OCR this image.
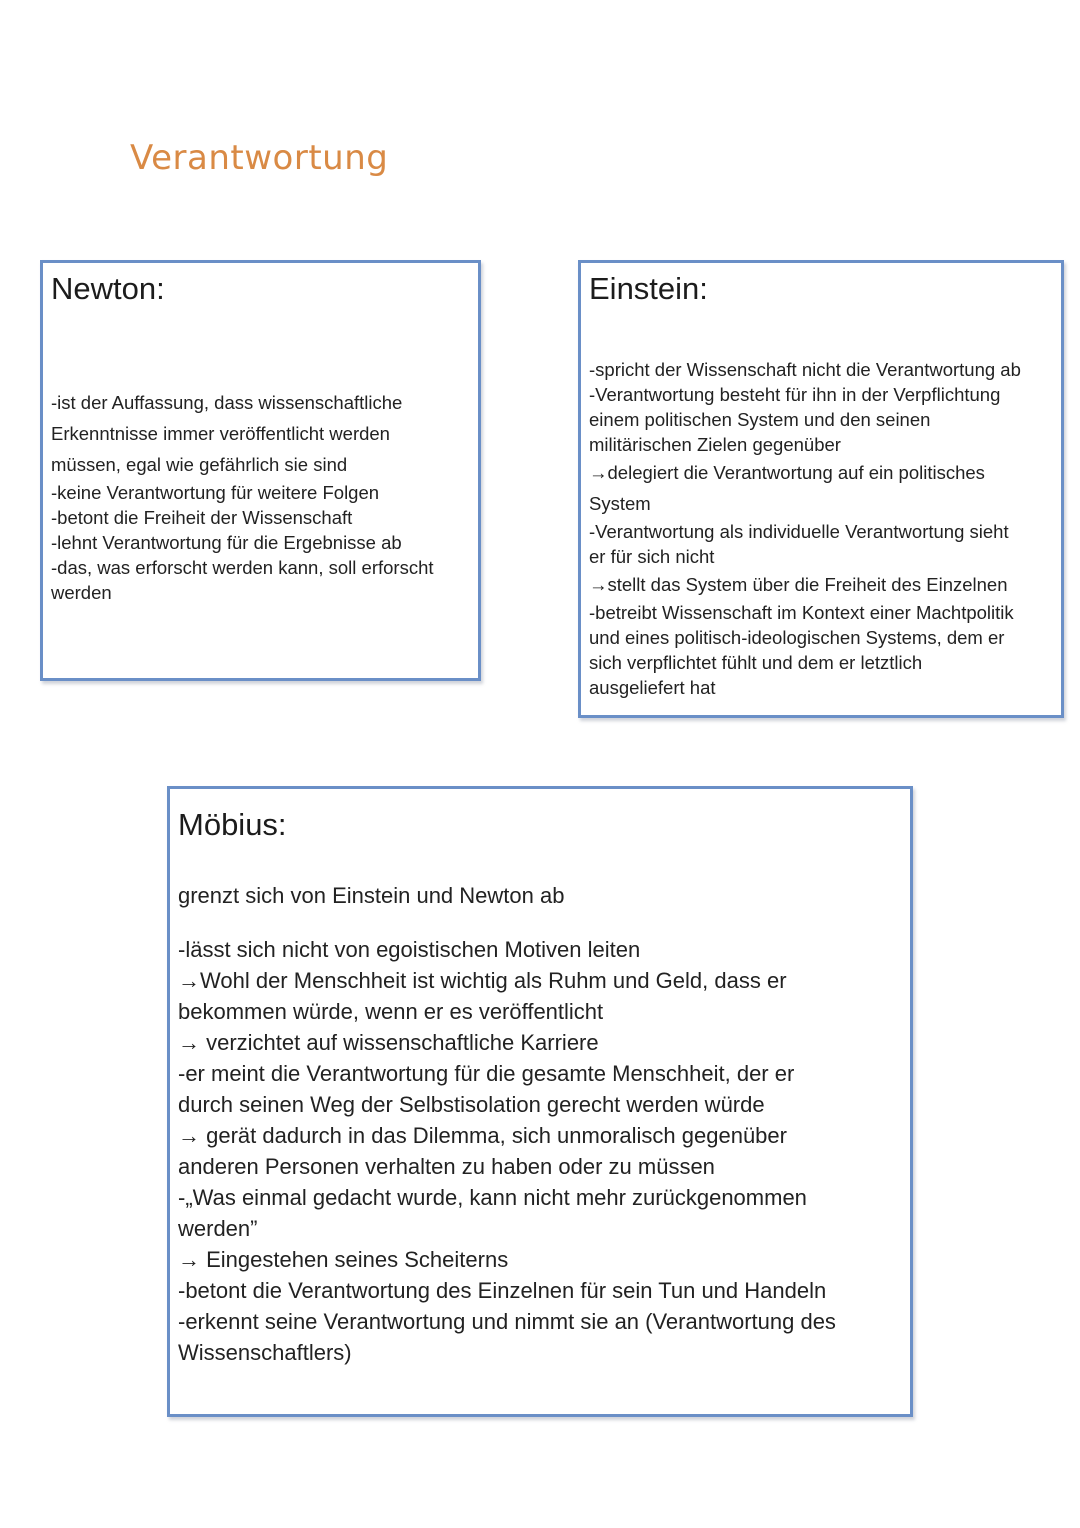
Verantwortung
Newton:
-ist der Auffassung, dass wissenschaftliche
Erkenntnisse immer veröffentlicht werden
müssen, egal wie gefährlich sie sind
-keine Verantwortung für weitere Folgen
-betont die Freiheit der Wissenschaft
-lehnt Verantwortung für die Ergebnisse ab
-das, was erforscht werden kann, soll erforscht
werden
Einstein:
-spricht der Wissenschaft nicht die Verantwortung ab
-Verantwortung besteht für ihn in der Verpflichtung
einem politischen System und den seinen
militärischen Zielen gegenüber
→delegiert die Verantwortung auf ein politisches
System
-Verantwortung als individuelle Verantwortung sieht
er für sich nicht
→stellt das System über die Freiheit des Einzelnen
-betreibt Wissenschaft im Kontext einer Machtpolitik
und eines politisch-ideologischen Systems, dem er
sich verpflichtet fühlt und dem er letztlich
ausgeliefert hat
Möbius:
grenzt sich von Einstein und Newton ab
-lässt sich nicht von egoistischen Motiven leiten
→Wohl der Menschheit ist wichtig als Ruhm und Geld, dass er
bekommen würde, wenn er es veröffentlicht
→ verzichtet auf wissenschaftliche Karriere
-er meint die Verantwortung für die gesamte Menschheit, der er
durch seinen Weg der Selbstisolation gerecht werden würde
→ gerät dadurch in das Dilemma, sich unmoralisch gegenüber
anderen Personen verhalten zu haben oder zu müssen
-„Was einmal gedacht wurde, kann nicht mehr zurückgenommen
werden”
→ Eingestehen seines Scheiterns
-betont die Verantwortung des Einzelnen für sein Tun und Handeln
-erkennt seine Verantwortung und nimmt sie an (Verantwortung des
Wissenschaftlers)
